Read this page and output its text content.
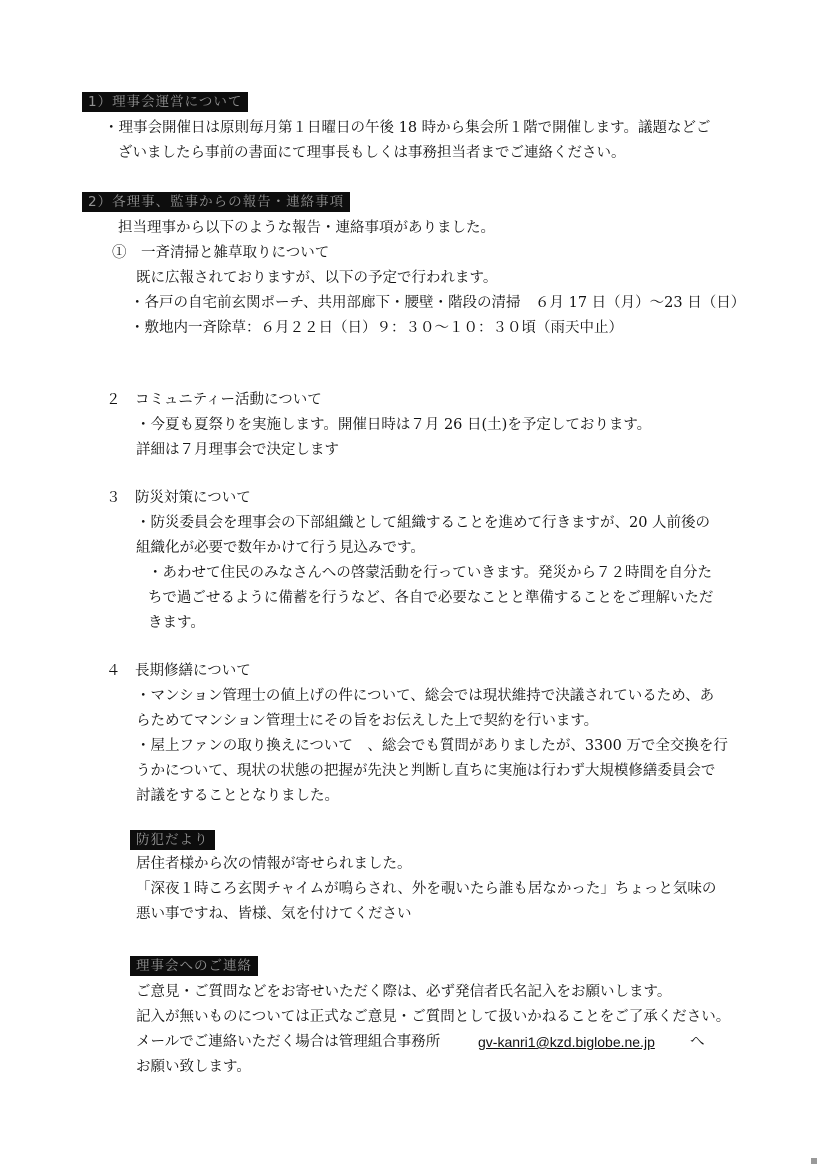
1）理事会運営について
・理事会開催日は原則毎月第１日曜日の午後 18 時から集会所１階で開催します。議題などご
ざいましたら事前の書面にて理事長もしくは事務担当者までご連絡ください。
2）各理事、監事からの報告・連絡事項
担当理事から以下のような報告・連絡事項がありました。
①　一斉清掃と雑草取りについて
既に広報されておりますが、以下の予定で行われます。
・各戸の自宅前玄関ポーチ、共用部廊下・腰壁・階段の清掃　６月 17 日（月）～23 日（日）
・敷地内一斉除草：６月２２日（日）９：３０～１０：３０頃（雨天中止）
２　コミュニティー活動について
・今夏も夏祭りを実施します。開催日時は７月 26 日(土)を予定しております。
詳細は７月理事会で決定します
３　防災対策について
・防災委員会を理事会の下部組織として組織することを進めて行きますが、20 人前後の
組織化が必要で数年かけて行う見込みです。
・あわせて住民のみなさんへの啓蒙活動を行っていきます。発災から７２時間を自分た
ちで過ごせるように備蓄を行うなど、各自で必要なことと準備することをご理解いただ
きます。
４　長期修繕について
・マンション管理士の値上げの件について、総会では現状維持で決議されているため、あ
らためてマンション管理士にその旨をお伝えした上で契約を行います。
・屋上ファンの取り換えについて　、総会でも質問がありましたが、3300 万で全交換を行
うかについて、現状の状態の把握が先決と判断し直ちに実施は行わず大規模修繕委員会で
討議をすることとなりました。
防犯だより
居住者様から次の情報が寄せられました。
「深夜１時ころ玄関チャイムが鳴らされ、外を覗いたら誰も居なかった」ちょっと気味の
悪い事ですね、皆様、気を付けてください
理事会へのご連絡
ご意見・ご質問などをお寄せいただく際は、必ず発信者氏名記入をお願いします。
記入が無いものについては正式なご意見・ご質問として扱いかねることをご了承ください。
メールでご連絡いただく場合は管理組合事務所	gv-kanri1@kzd.biglobe.ne.jp へ
お願い致します。
